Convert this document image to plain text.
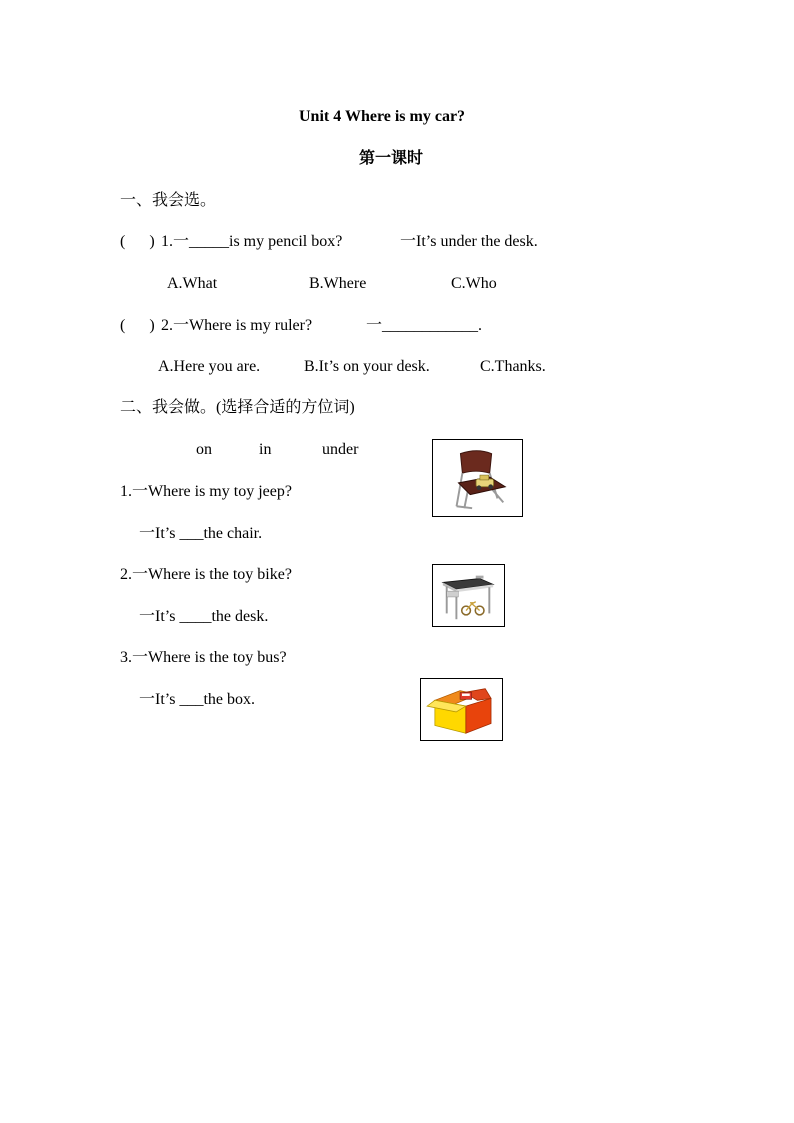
Unit 4 Where is my car?
第一课时
一、我会选。
(      ) 1.一_____is my pencil box?	一It’s under the desk.
A.What	B.Where	C.Who
(      ) 2.一Where is my ruler?	一____________.
A.Here you are.	B.It’s on your desk.	C.Thanks.
二、我会做。(选择合适的方位词)
on	in	under
1.一Where is my toy jeep?
一It’s ___the chair.
2.一Where is the toy bike?
一It’s ____the desk.
3.一Where is the toy bus?
一It’s ___the box.
